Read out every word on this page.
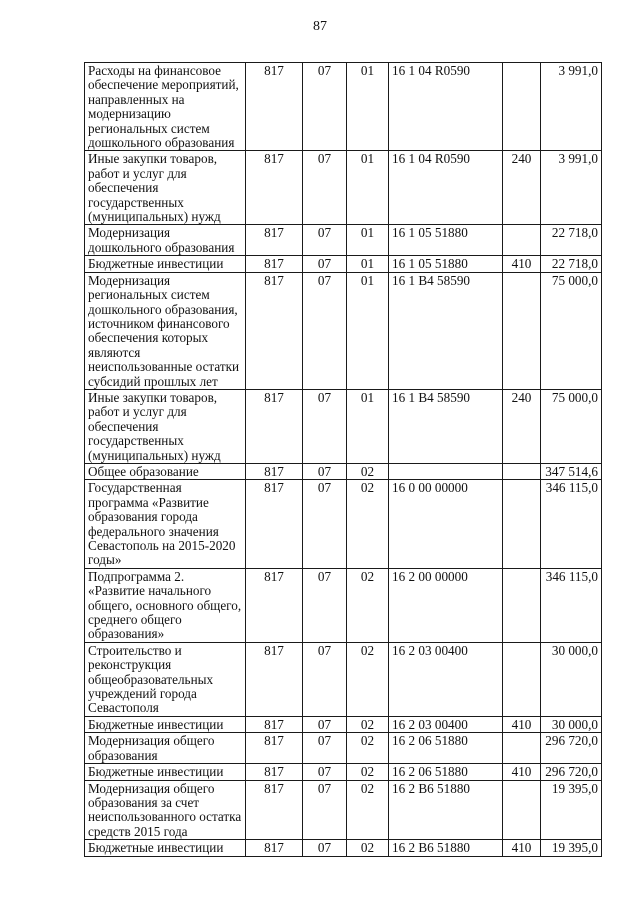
87
Расходы на финансовое обеспечение мероприятий, направленных на модернизацию региональных систем дошкольного образования	817	07	01	16 1 04 R0590		3 991,0
Иные закупки товаров, работ и услуг для обеспечения государственных (муниципальных) нужд	817	07	01	16 1 04 R0590	240	3 991,0
Модернизация дошкольного образования	817	07	01	16 1 05 51880		22 718,0
Бюджетные инвестиции	817	07	01	16 1 05 51880	410	22 718,0
Модернизация региональных систем дошкольного образования, источником финансового обеспечения которых являются неиспользованные остатки субсидий прошлых лет	817	07	01	16 1 В4 58590		75 000,0
Иные закупки товаров, работ и услуг для обеспечения государственных (муниципальных) нужд	817	07	01	16 1 В4 58590	240	75 000,0
Общее образование	817	07	02			347 514,6
Государственная программа «Развитие образования города федерального значения Севастополь на 2015-2020 годы»	817	07	02	16 0 00 00000		346 115,0
Подпрограмма 2. «Развитие начального общего, основного общего, среднего общего образования»	817	07	02	16 2 00 00000		346 115,0
Строительство и реконструкция общеобразовательных учреждений города Севастополя	817	07	02	16 2 03 00400		30 000,0
Бюджетные инвестиции	817	07	02	16 2 03 00400	410	30 000,0
Модернизация общего образования	817	07	02	16 2 06 51880		296 720,0
Бюджетные инвестиции	817	07	02	16 2 06 51880	410	296 720,0
Модернизация общего образования за счет неиспользованного остатка средств 2015 года	817	07	02	16 2 В6 51880		19 395,0
Бюджетные инвестиции	817	07	02	16 2 В6 51880	410	19 395,0
